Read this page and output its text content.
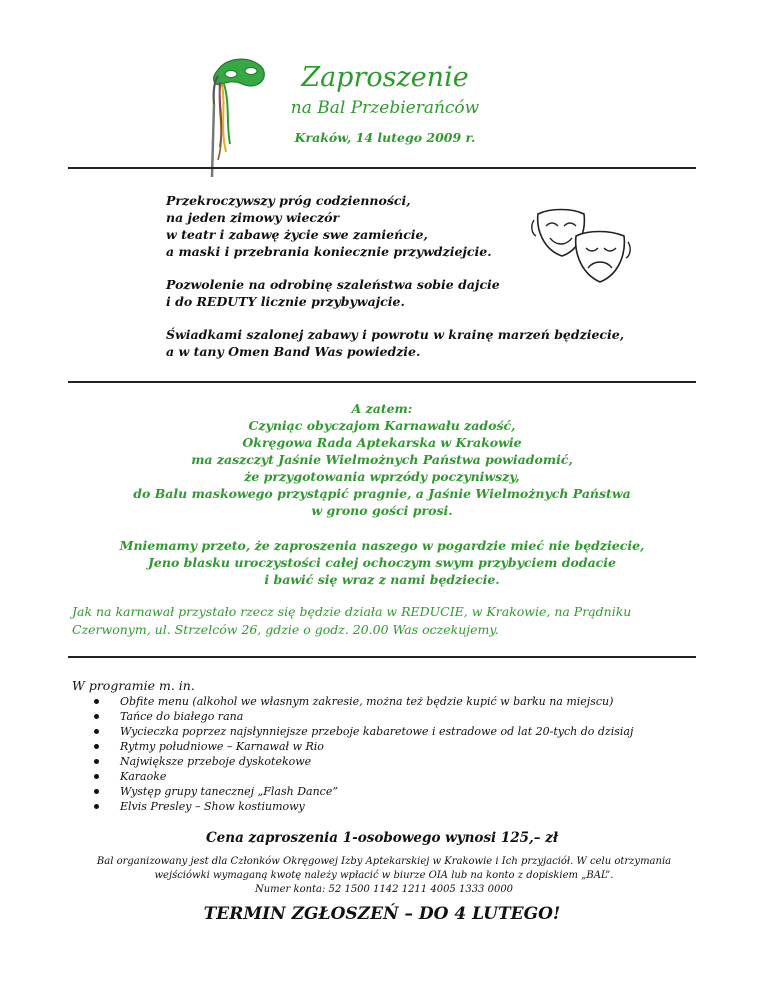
Zaproszenie
na Bal Przebierańców
Kraków, 14 lutego 2009 r.
Przekroczywszy próg codzienności,
na jeden zimowy wieczór
w teatr i zabawę życie swe zamieńcie,
a maski i przebrania koniecznie przywdziejcie.
Pozwolenie na odrobinę szaleństwa sobie dajcie
i do REDUTY licznie przybywajcie.
Świadkami szalonej zabawy i powrotu w krainę marzeń będziecie,
a w tany Omen Band Was powiedzie.
A zatem:
Czyniąc obyczajom Karnawału zadość,
Okręgowa Rada Aptekarska w Krakowie
ma zaszczyt Jaśnie Wielmożnych Państwa powiadomić,
że przygotowania wprzódy poczyniwszy,
do Balu maskowego przystąpić pragnie, a Jaśnie Wielmożnych Państwa
w grono gości prosi.
Mniemamy przeto, że zaproszenia naszego w pogardzie mieć nie będziecie,
Jeno blasku uroczystości całej ochoczym swym przybyciem dodacie
i bawić się wraz z nami będziecie.
Jak na karnawał przystało rzecz się będzie działa w REDUCIE, w Krakowie, na Prądniku
Czerwonym, ul. Strzelców 26, gdzie o godz. 20.00 Was oczekujemy.
W programie m. in.
Obfite menu (alkohol we własnym zakresie, można też będzie kupić w barku na miejscu)
Tańce do białego rana
Wycieczka poprzez najsłynniejsze przeboje kabaretowe i estradowe od lat 20-tych do dzisiaj
Rytmy południowe – Karnawał w Rio
Największe przeboje dyskotekowe
Karaoke
Występ grupy tanecznej „Flash Dance”
Elvis Presley – Show kostiumowy
Cena zaproszenia 1-osobowego wynosi 125,– zł
Bal organizowany jest dla Członków Okręgowej Izby Aptekarskiej w Krakowie i Ich przyjaciół. W celu otrzymania
wejściówki wymaganą kwotę należy wpłacić w biurze OIA lub na konto z dopiskiem „BAL”.
Numer konta: 52 1500 1142 1211 4005 1333 0000
TERMIN ZGŁOSZEŃ – DO 4 LUTEGO!
